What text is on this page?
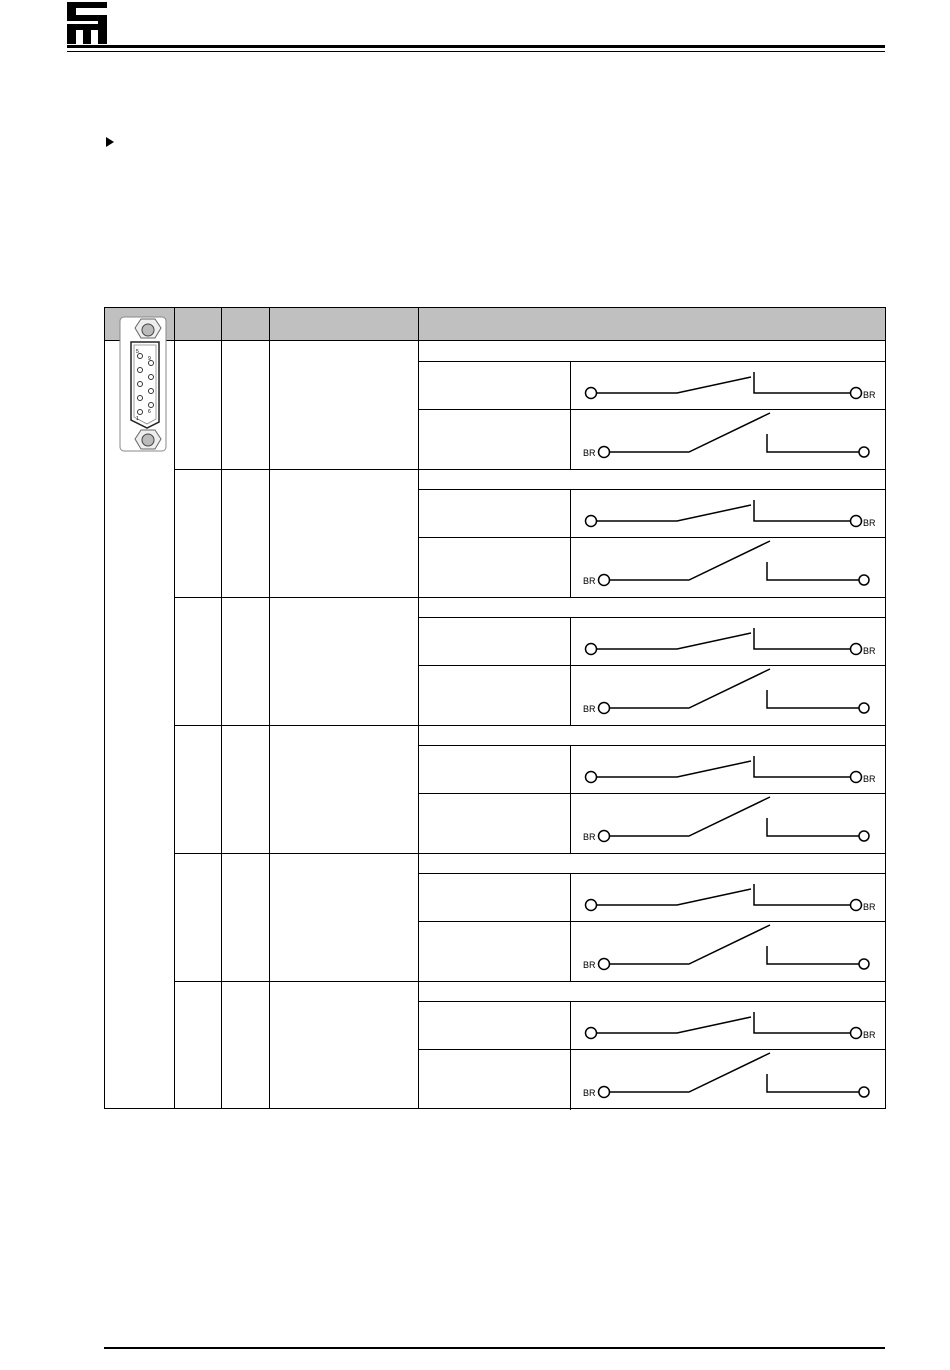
5
9
1
6
BR
BR
BR
BR
BR
BR
BR
BR
BR
BR
BR
BR
